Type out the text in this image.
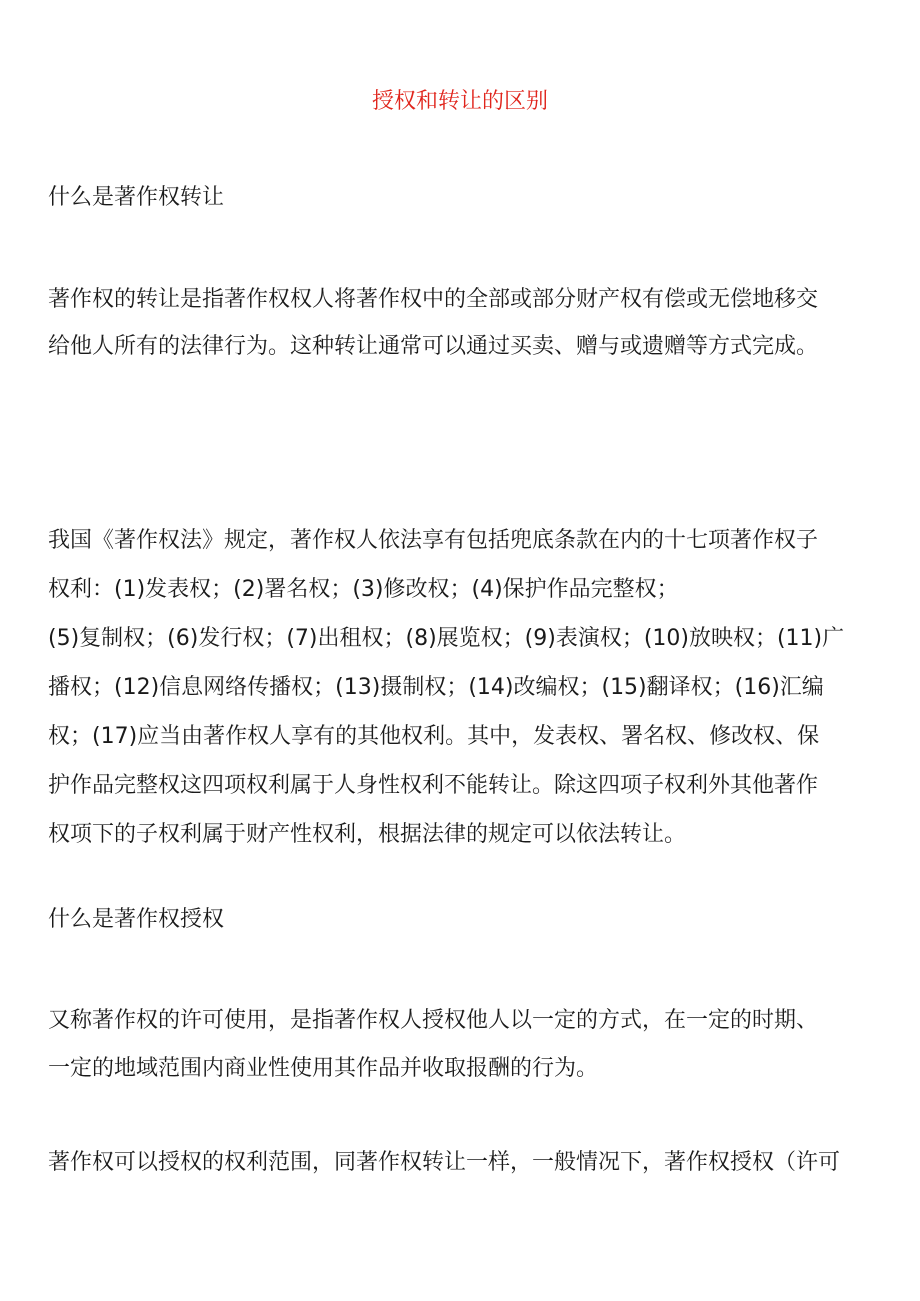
授权和转让的区别
什么是著作权转让

著作权的转让是指著作权权人将著作权中的全部或部分财产权有偿或无偿地移交
给他人所有的法律行为。这种转让通常可以通过买卖、赠与或遗赠等方式完成。

我国《著作权法》规定，著作权人依法享有包括兜底条款在内的十七项著作权子
权利：(1)发表权；(2)署名权；(3)修改权；(4)保护作品完整权；
(5)复制权；(6)发行权；(7)出租权；(8)展览权；(9)表演权；(10)放映权；(11)广
播权；(12)信息网络传播权；(13)摄制权；(14)改编权；(15)翻译权；(16)汇编
权；(17)应当由著作权人享有的其他权利。其中，发表权、署名权、修改权、保
护作品完整权这四项权利属于人身性权利不能转让。除这四项子权利外其他著作
权项下的子权利属于财产性权利，根据法律的规定可以依法转让。

什么是著作权授权

又称著作权的许可使用，是指著作权人授权他人以一定的方式，在一定的时期、
一定的地域范围内商业性使用其作品并收取报酬的行为。

著作权可以授权的权利范围，同著作权转让一样，一般情况下，著作权授权（许可
